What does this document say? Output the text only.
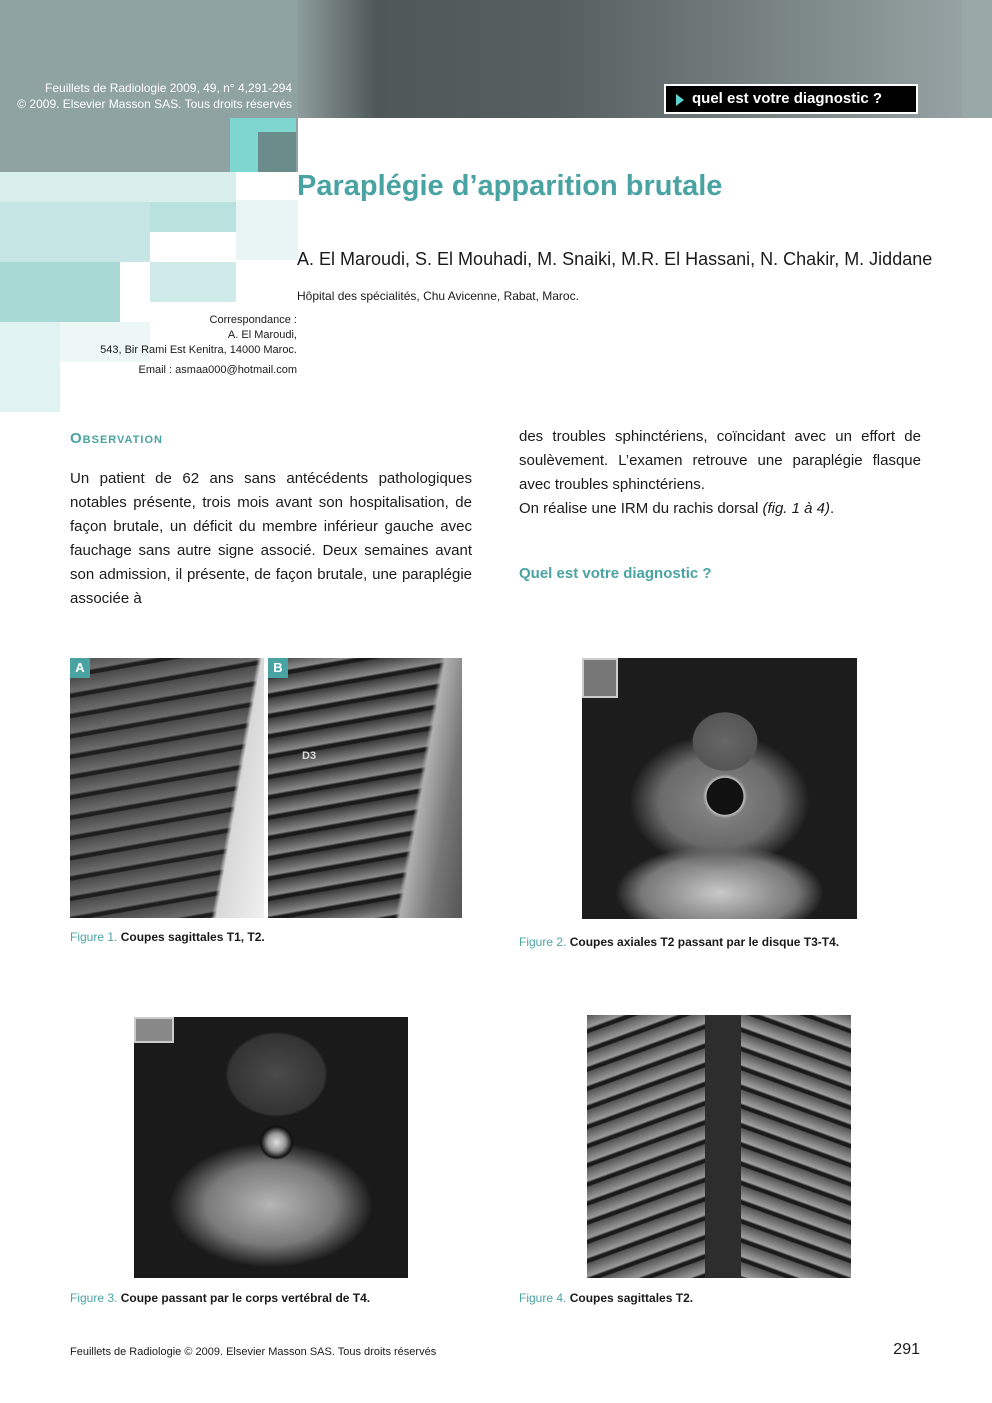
Feuillets de Radiologie 2009, 49, n° 4,291-294
© 2009. Elsevier Masson SAS. Tous droits réservés	quel est votre diagnostic ?
Paraplégie d’apparition brutale
A. El Maroudi, S. El Mouhadi, M. Snaiki, M.R. El Hassani, N. Chakir, M. Jiddane
Hôpital des spécialités, Chu Avicenne, Rabat, Maroc.
Correspondance :
A. El Maroudi,
543, Bir Rami Est Kenitra, 14000 Maroc.
Email : asmaa000@hotmail.com
Observation
Un patient de 62 ans sans antécédents pathologiques notables présente, trois mois avant son hospitalisation, de façon brutale, un déficit du membre inférieur gauche avec fauchage sans autre signe associé. Deux semaines avant son admission, il présente, de façon brutale, une paraplégie associée à
des troubles sphinctériens, coïncidant avec un effort de soulèvement. L’examen retrouve une paraplégie flasque avec troubles sphinctériens.
On réalise une IRM du rachis dorsal (fig. 1 à 4).
Quel est votre diagnostic ?
A	B
D3
Figure 1. Coupes sagittales T1, T2.	Figure 2. Coupes axiales T2 passant par le disque T3-T4.
Figure 3. Coupe passant par le corps vertébral de T4.	Figure 4. Coupes sagittales T2.
Feuillets de Radiologie © 2009. Elsevier Masson SAS. Tous droits réservés	291
